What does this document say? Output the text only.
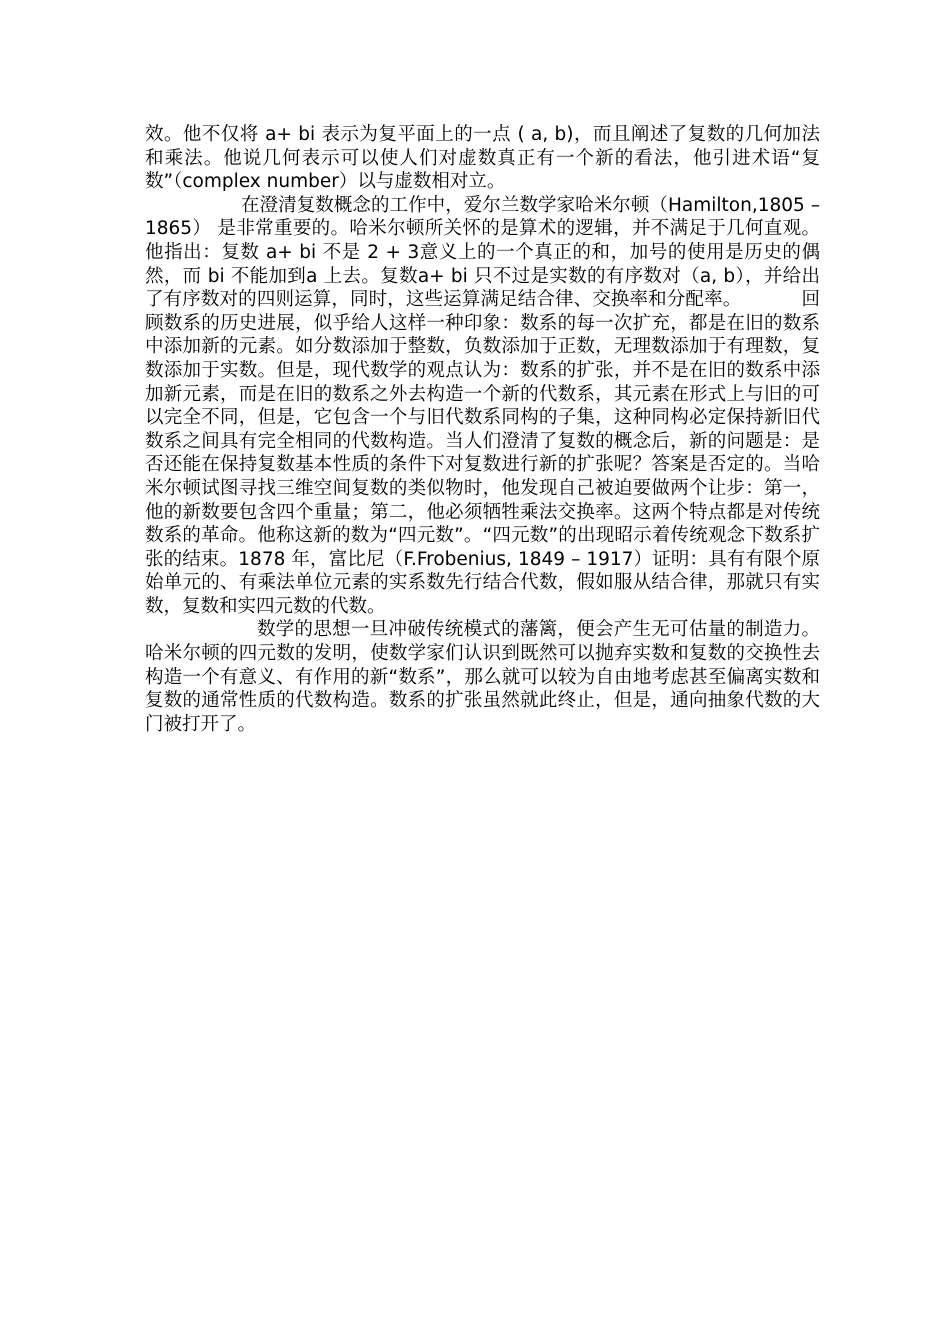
效。他不仅将 a+ bi 表示为复平面上的一点 ( a, b)，而且阐述了复数的几何加法和乘法。他说几何表示可以使人们对虚数真正有一个新的看法，他引进术语“复数”（complex number）以与虚数相对立。

在澄清复数概念的工作中，爱尔兰数学家哈米尔顿（Hamilton,1805 – 1865） 是非常重要的。哈米尔顿所关怀的是算术的逻辑，并不满足于几何直观。他指出：复数 a+ bi 不是 2 + 3意义上的一个真正的和，加号的使用是历史的偶然，而 bi 不能加到a 上去。复数a+ bi 只不过是实数的有序数对（a, b），并给出了有序数对的四则运算，同时，这些运算满足结合律、交换率和分配率。	回顾数系的历史进展，似乎给人这样一种印象：数系的每一次扩充，都是在旧的数系中添加新的元素。如分数添加于整数，负数添加于正数，无理数添加于有理数，复数添加于实数。但是，现代数学的观点认为：数系的扩张，并不是在旧的数系中添加新元素，而是在旧的数系之外去构造一个新的代数系，其元素在形式上与旧的可以完全不同，但是，它包含一个与旧代数系同构的子集，这种同构必定保持新旧代数系之间具有完全相同的代数构造。当人们澄清了复数的概念后，新的问题是：是否还能在保持复数基本性质的条件下对复数进行新的扩张呢？答案是否定的。当哈米尔顿试图寻找三维空间复数的类似物时，他发现自己被迫要做两个让步：第一，他的新数要包含四个重量；第二，他必须牺牲乘法交换率。这两个特点都是对传统数系的革命。他称这新的数为“四元数”。“四元数”的出现昭示着传统观念下数系扩张的结束。1878 年，富比尼（F.Frobenius, 1849 – 1917）证明：具有有限个原始单元的、有乘法单位元素的实系数先行结合代数，假如服从结合律，那就只有实数，复数和实四元数的代数。

数学的思想一旦冲破传统模式的藩篱，便会产生无可估量的制造力。哈米尔顿的四元数的发明，使数学家们认识到既然可以抛弃实数和复数的交换性去构造一个有意义、有作用的新“数系”，那么就可以较为自由地考虑甚至偏离实数和复数的通常性质的代数构造。数系的扩张虽然就此终止，但是，通向抽象代数的大门被打开了。
